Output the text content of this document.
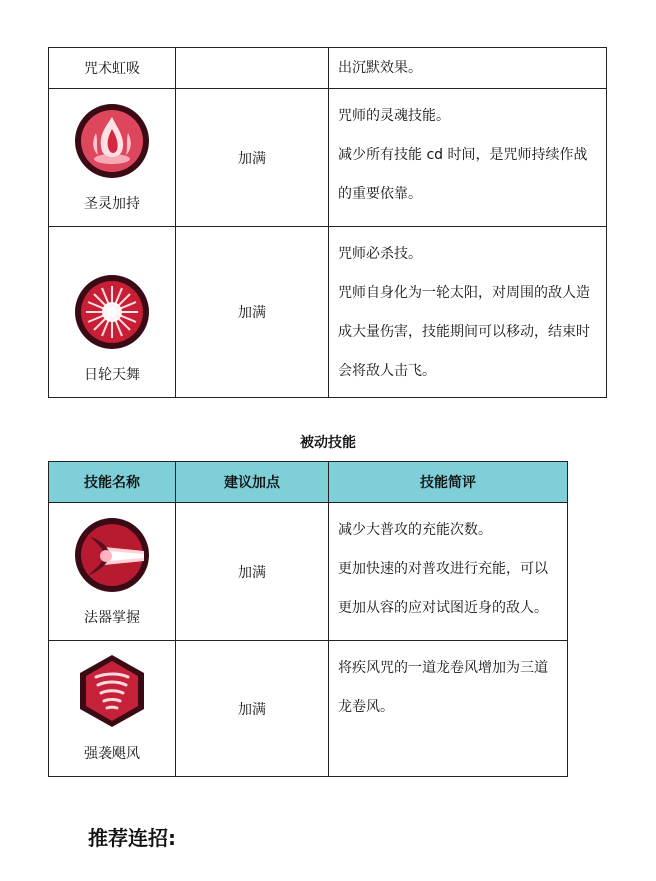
咒术虹吸		出沉默效果。

圣灵加持	加满	咒师的灵魂技能。

减少所有技能 cd 时间，是咒师持续作战

的重要依靠。

日轮天舞	加满	咒师必杀技。

咒师自身化为一轮太阳，对周围的敌人造

成大量伤害，技能期间可以移动，结束时

会将敌人击飞。

被动技能
技能名称	建议加点	技能简评

法器掌握	加满	减少大普攻的充能次数。

更加快速的对普攻进行充能，可以

更加从容的应对试图近身的敌人。

强袭飓风	加满	将疾风咒的一道龙卷风增加为三道

龙卷风。

推荐连招:
